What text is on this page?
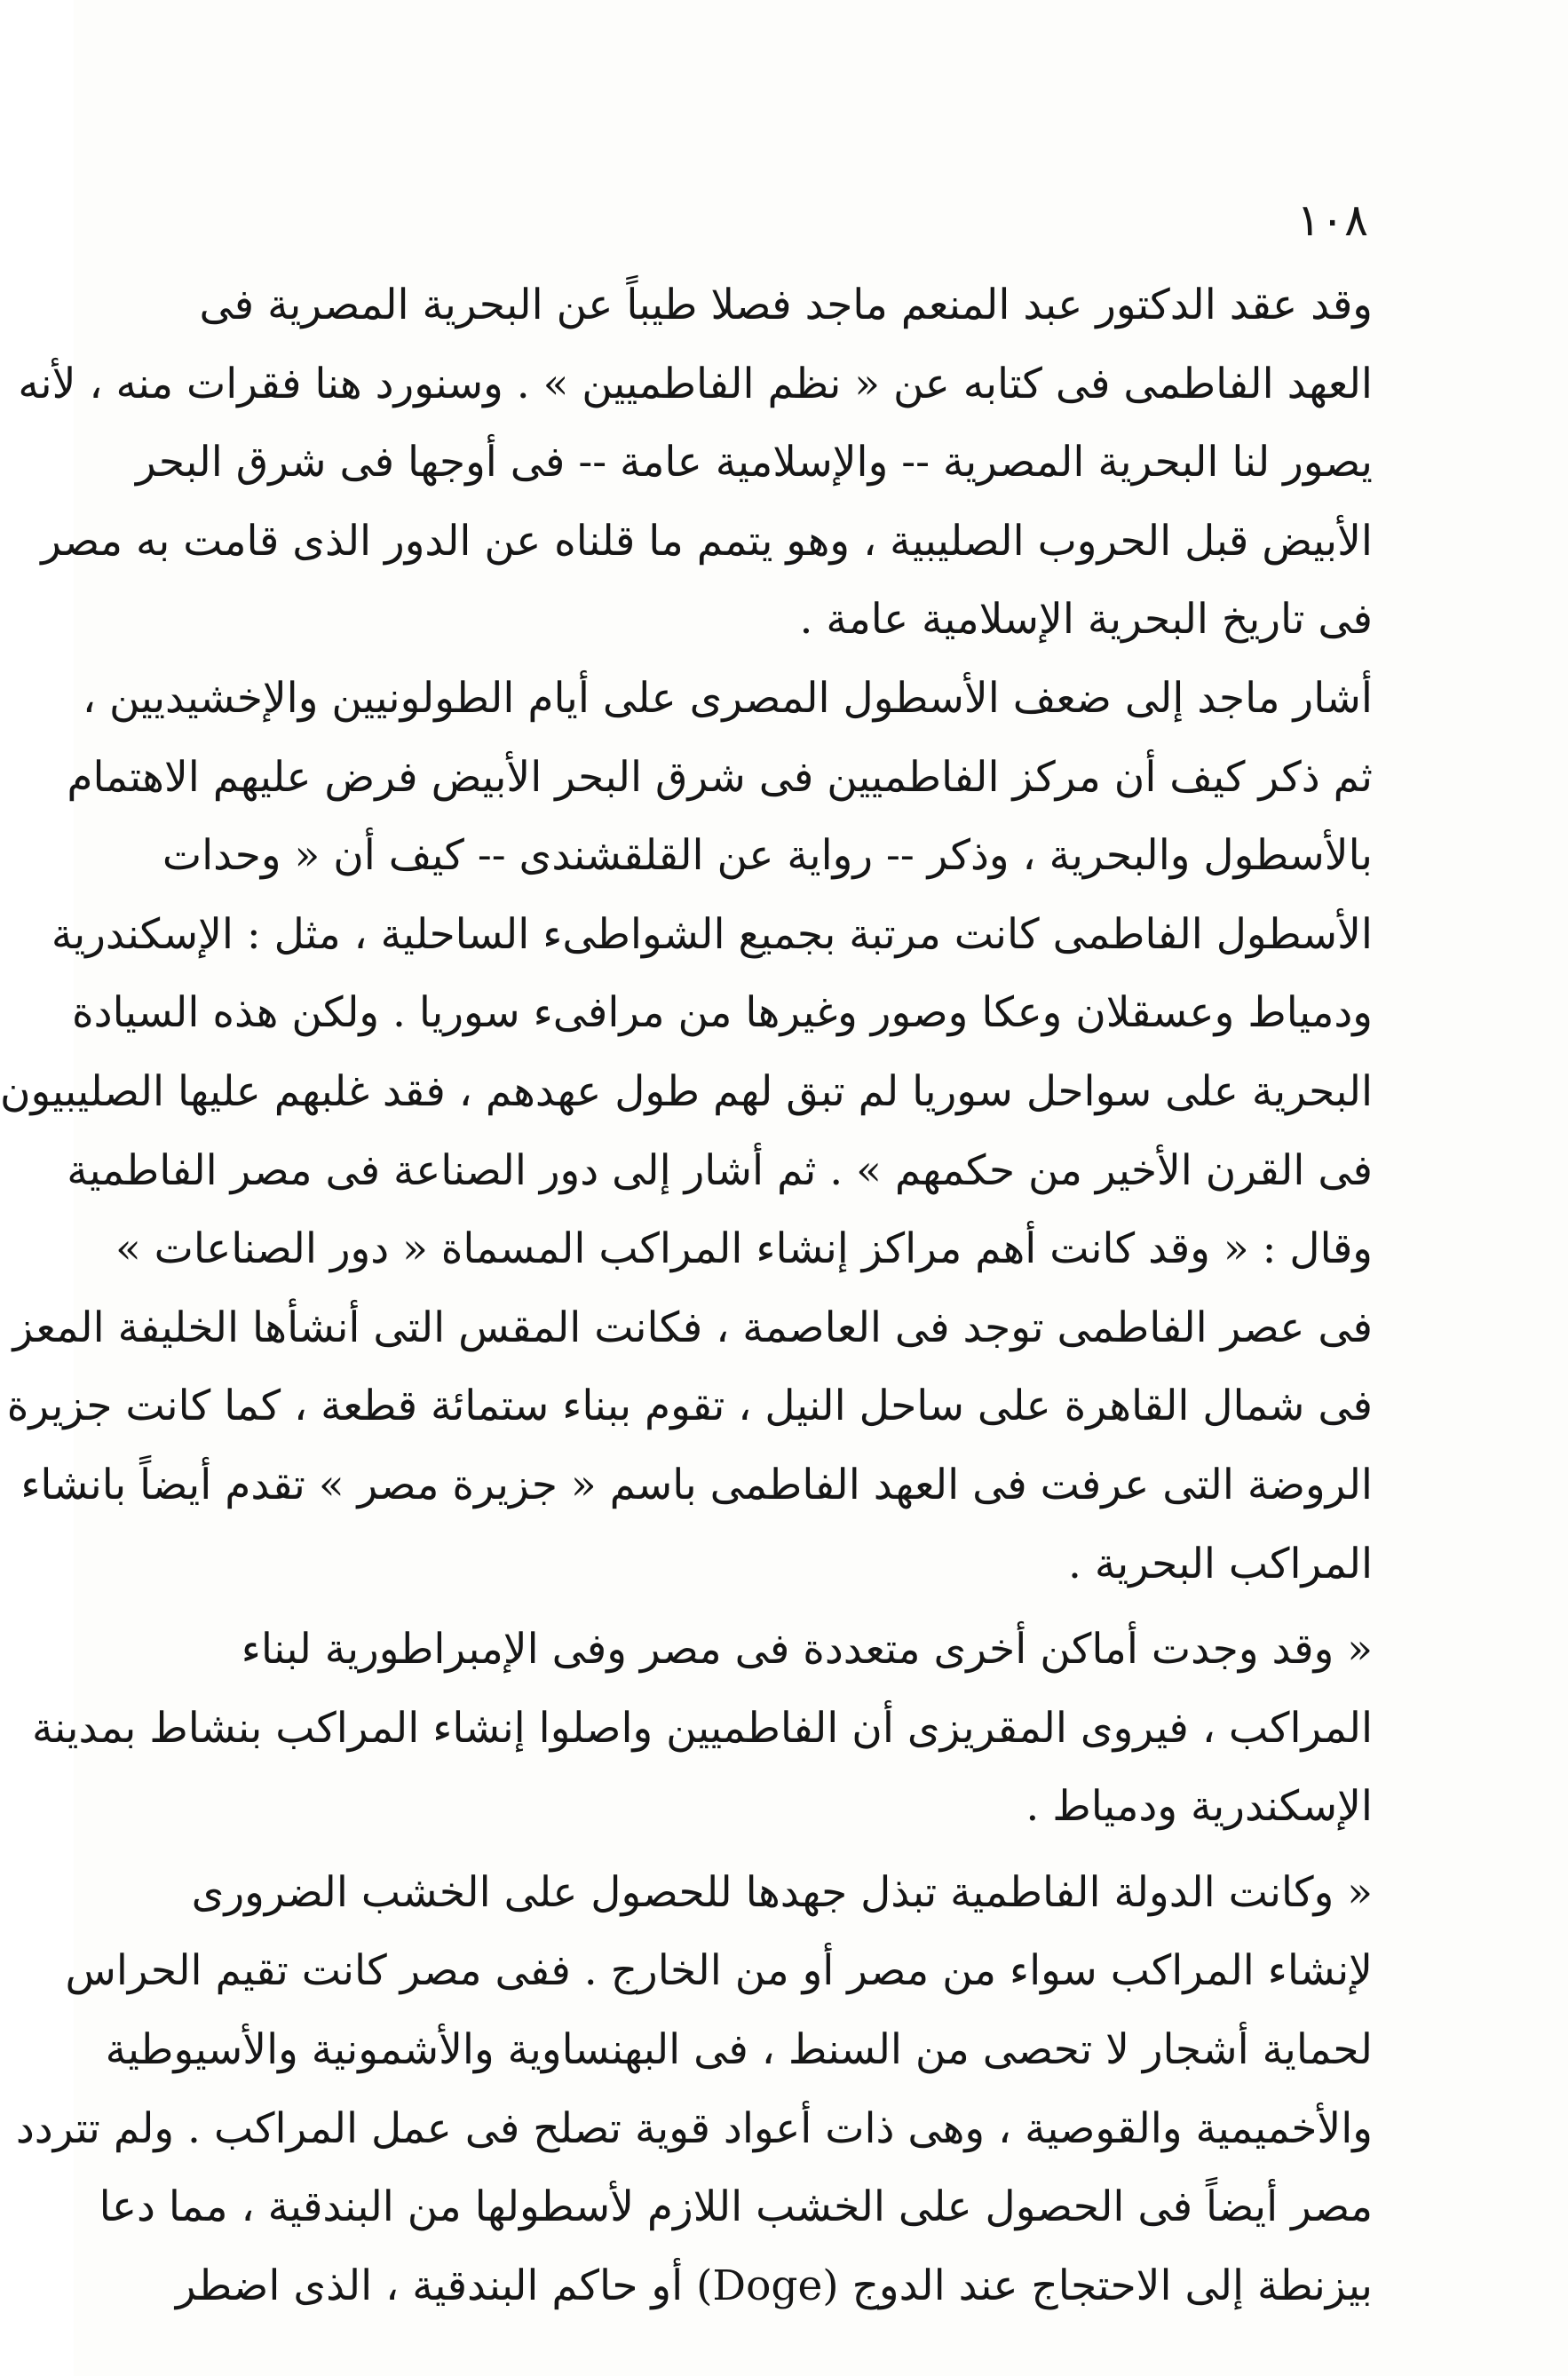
١٠٨

وقد عقد الدكتور عبد المنعم ماجد فصلا طيباً عن البحرية المصرية فى
العهد الفاطمى فى كتابه عن « نظم الفاطميين » . وسنورد هنا فقرات منه ، لأنه
يصور لنا البحرية المصرية -- والإسلامية عامة -- فى أوجها فى شرق البحر
الأبيض قبل الحروب الصليبية ، وهو يتمم ما قلناه عن الدور الذى قامت به مصر
فى تاريخ البحرية الإسلامية عامة .

أشار ماجد إلى ضعف الأسطول المصرى على أيام الطولونيين والإخشيديين ،
ثم ذكر كيف أن مركز الفاطميين فى شرق البحر الأبيض فرض عليهم الاهتمام
بالأسطول والبحرية ، وذكر -- رواية عن القلقشندى -- كيف أن « وحدات
الأسطول الفاطمى كانت مرتبة بجميع الشواطىء الساحلية ، مثل : الإسكندرية
ودمياط وعسقلان وعكا وصور وغيرها من مرافىء سوريا . ولكن هذه السيادة
البحرية على سواحل سوريا لم تبق لهم طول عهدهم ، فقد غلبهم عليها الصليبيون
فى القرن الأخير من حكمهم » . ثم أشار إلى دور الصناعة فى مصر الفاطمية
وقال : « وقد كانت أهم مراكز إنشاء المراكب المسماة « دور الصناعات »
فى عصر الفاطمى توجد فى العاصمة ، فكانت المقس التى أنشأها الخليفة المعز
فى شمال القاهرة على ساحل النيل ، تقوم ببناء ستمائة قطعة ، كما كانت جزيرة
الروضة التى عرفت فى العهد الفاطمى باسم « جزيرة مصر » تقدم أيضاً بانشاء
المراكب البحرية .

« وقد وجدت أماكن أخرى متعددة فى مصر وفى الإمبراطورية لبناء
المراكب ، فيروى المقريزى أن الفاطميين واصلوا إنشاء المراكب بنشاط بمدينة
الإسكندرية ودمياط .

« وكانت الدولة الفاطمية تبذل جهدها للحصول على الخشب الضرورى
لإنشاء المراكب سواء من مصر أو من الخارج . ففى مصر كانت تقيم الحراس
لحماية أشجار لا تحصى من السنط ، فى البهنساوية والأشمونية والأسيوطية
والأخميمية والقوصية ، وهى ذات أعواد قوية تصلح فى عمل المراكب . ولم تتردد
مصر أيضاً فى الحصول على الخشب اللازم لأسطولها من البندقية ، مما دعا
بيزنطة إلى الاحتجاج عند الدوج (Doge) أو حاكم البندقية ، الذى اضطر
